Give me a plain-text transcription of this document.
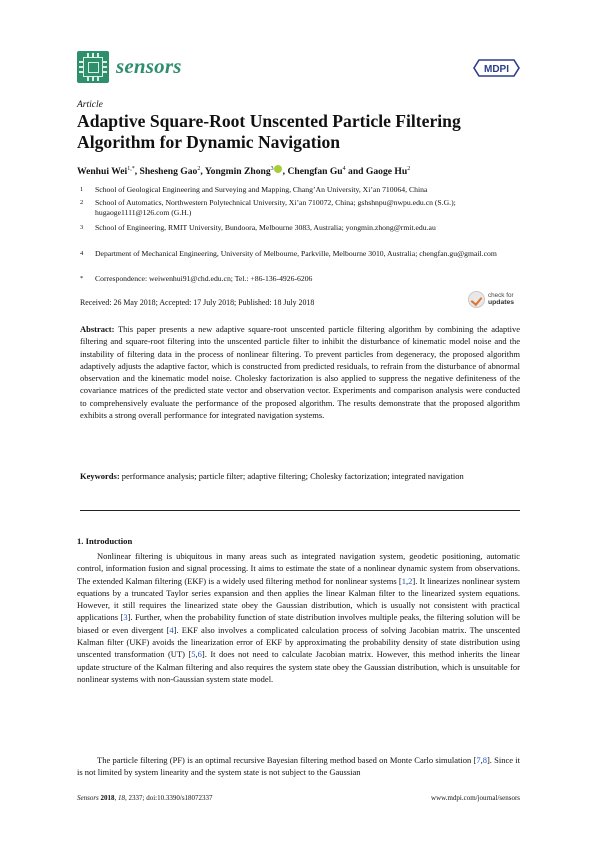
sensors	MDPI
Article
Adaptive Square-Root Unscented Particle Filtering Algorithm for Dynamic Navigation
Wenhui Wei$^{1,*}$, Shesheng Gao$^2$, Yongmin Zhong$^3$ , Chengfan Gu$^4$ and Gaoge Hu$^2$
1 School of Geological Engineering and Surveying and Mapping, Chang’An University, Xi’an 710064, China
2 School of Automatics, Northwestern Polytechnical University, Xi’an 710072, China; gshshnpu@nwpu.edu.cn (S.G.); hugaoge1111@126.com (G.H.)
3 School of Engineering, RMIT University, Bundoora, Melbourne 3083, Australia; yongmin.zhong@rmit.edu.au
4 Department of Mechanical Engineering, University of Melbourne, Parkville, Melbourne 3010, Australia; chengfan.gu@gmail.com
* Correspondence: weiwenhui91@chd.edu.cn; Tel.: +86-136-4926-6206
Received: 26 May 2018; Accepted: 17 July 2018; Published: 18 July 2018
check for
updates
Abstract: This paper presents a new adaptive square-root unscented particle filtering algorithm by combining the adaptive filtering and square-root filtering into the unscented particle filter to inhibit the disturbance of kinematic model noise and the instability of filtering data in the process of nonlinear filtering. To prevent particles from degeneracy, the proposed algorithm adaptively adjusts the adaptive factor, which is constructed from predicted residuals, to refrain from the disturbance of abnormal observation and the kinematic model noise. Cholesky factorization is also applied to suppress the negative definiteness of the covariance matrices of the predicted state vector and observation vector. Experiments and comparison analysis were conducted to comprehensively evaluate the performance of the proposed algorithm. The results demonstrate that the proposed algorithm exhibits a strong overall performance for integrated navigation systems.
Keywords: performance analysis; particle filter; adaptive filtering; Cholesky factorization; integrated navigation
1. Introduction
Nonlinear filtering is ubiquitous in many areas such as integrated navigation system, geodetic positioning, automatic control, information fusion and signal processing. It aims to estimate the state of a nonlinear dynamic system from observations. The extended Kalman filtering (EKF) is a widely used filtering method for nonlinear systems [1,2]. It linearizes nonlinear system equations by a truncated Taylor series expansion and then applies the linear Kalman filter to the linearized system equations. However, it still requires the linearized state obey the Gaussian distribution, which is usually not consistent with practical applications [3]. Further, when the probability function of state distribution involves multiple peaks, the filtering solution will be biased or even divergent [4]. EKF also involves a complicated calculation process of solving Jacobian matrix. The unscented Kalman filter (UKF) avoids the linearization error of EKF by approximating the probability density of state distribution using unscented transformation (UT) [5,6]. It does not need to calculate Jacobian matrix. However, this method inherits the linear update structure of the Kalman filtering and also requires the system state obey the Gaussian distribution, which is unsuitable for nonlinear systems with non-Gaussian system state model.
The particle filtering (PF) is an optimal recursive Bayesian filtering method based on Monte Carlo simulation [7,8]. Since it is not limited by system linearity and the system state is not subject to the Gaussian
Sensors 2018, 18, 2337; doi:10.3390/s18072337	www.mdpi.com/journal/sensors
